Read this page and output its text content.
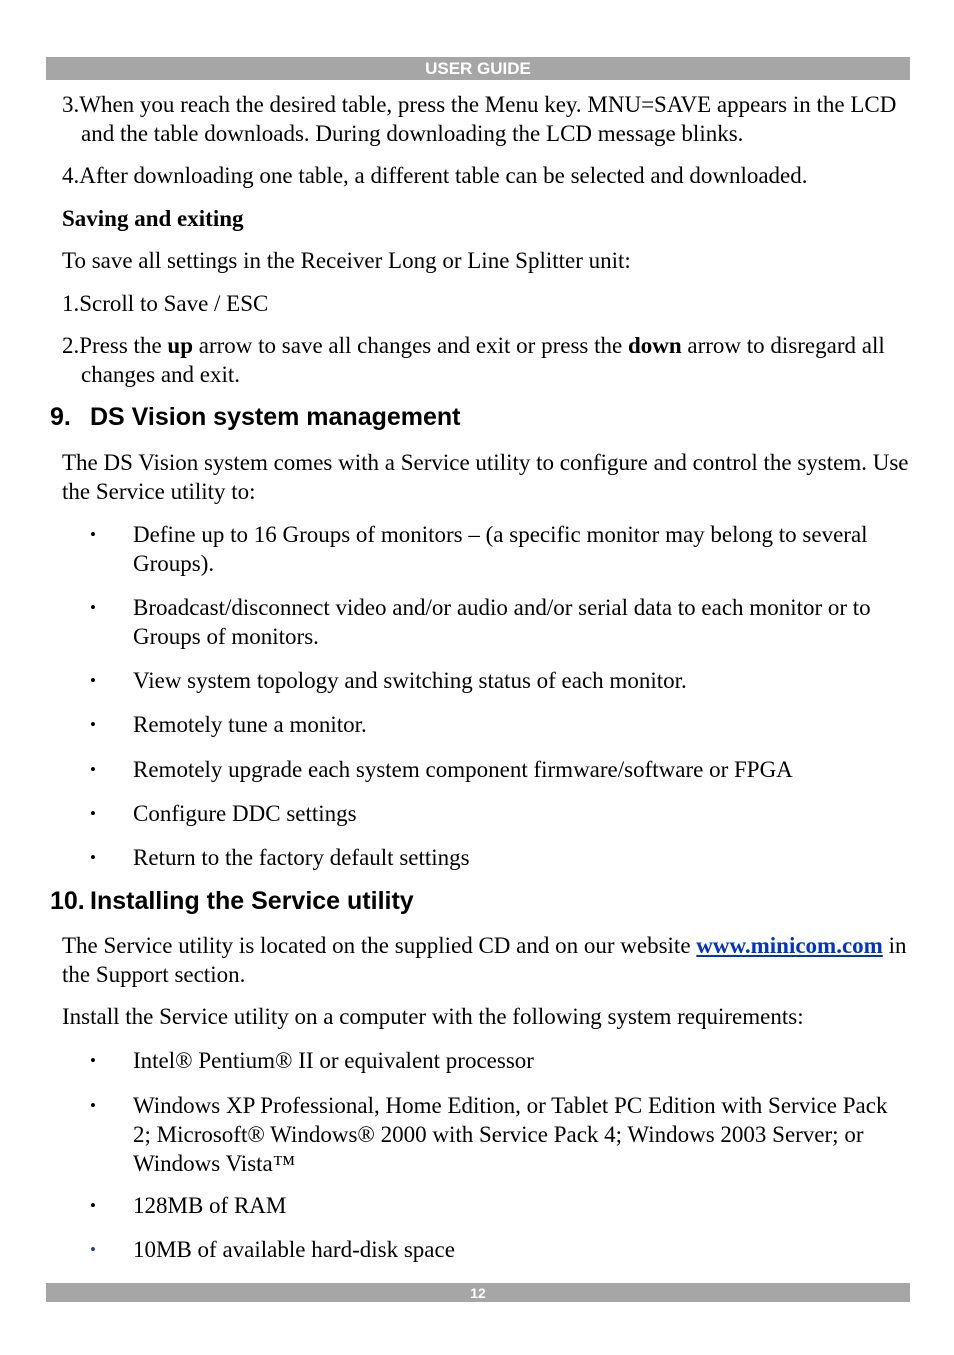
USER GUIDE

3.When you reach the desired table, press the Menu key. MNU=SAVE appears in the LCD and the table downloads. During downloading the LCD message blinks.

4.After downloading one table, a different table can be selected and downloaded.

Saving and exiting

To save all settings in the Receiver Long or Line Splitter unit:

1.Scroll to Save / ESC

2.Press the up arrow to save all changes and exit or press the down arrow to disregard all changes and exit.

9. DS Vision system management

The DS Vision system comes with a Service utility to configure and control the system. Use the Service utility to:

• Define up to 16 Groups of monitors – (a specific monitor may belong to several Groups).
• Broadcast/disconnect video and/or audio and/or serial data to each monitor or to Groups of monitors.
• View system topology and switching status of each monitor.
• Remotely tune a monitor.
• Remotely upgrade each system component firmware/software or FPGA
• Configure DDC settings
• Return to the factory default settings
10. Installing the Service utility

The Service utility is located on the supplied CD and on our website www.minicom.com in the Support section.

Install the Service utility on a computer with the following system requirements:

• Intel® Pentium® II or equivalent processor
• Windows XP Professional, Home Edition, or Tablet PC Edition with Service Pack 2; Microsoft® Windows® 2000 with Service Pack 4; Windows 2003 Server; or Windows Vista™
• 128MB of RAM
• 10MB of available hard-disk space
12
